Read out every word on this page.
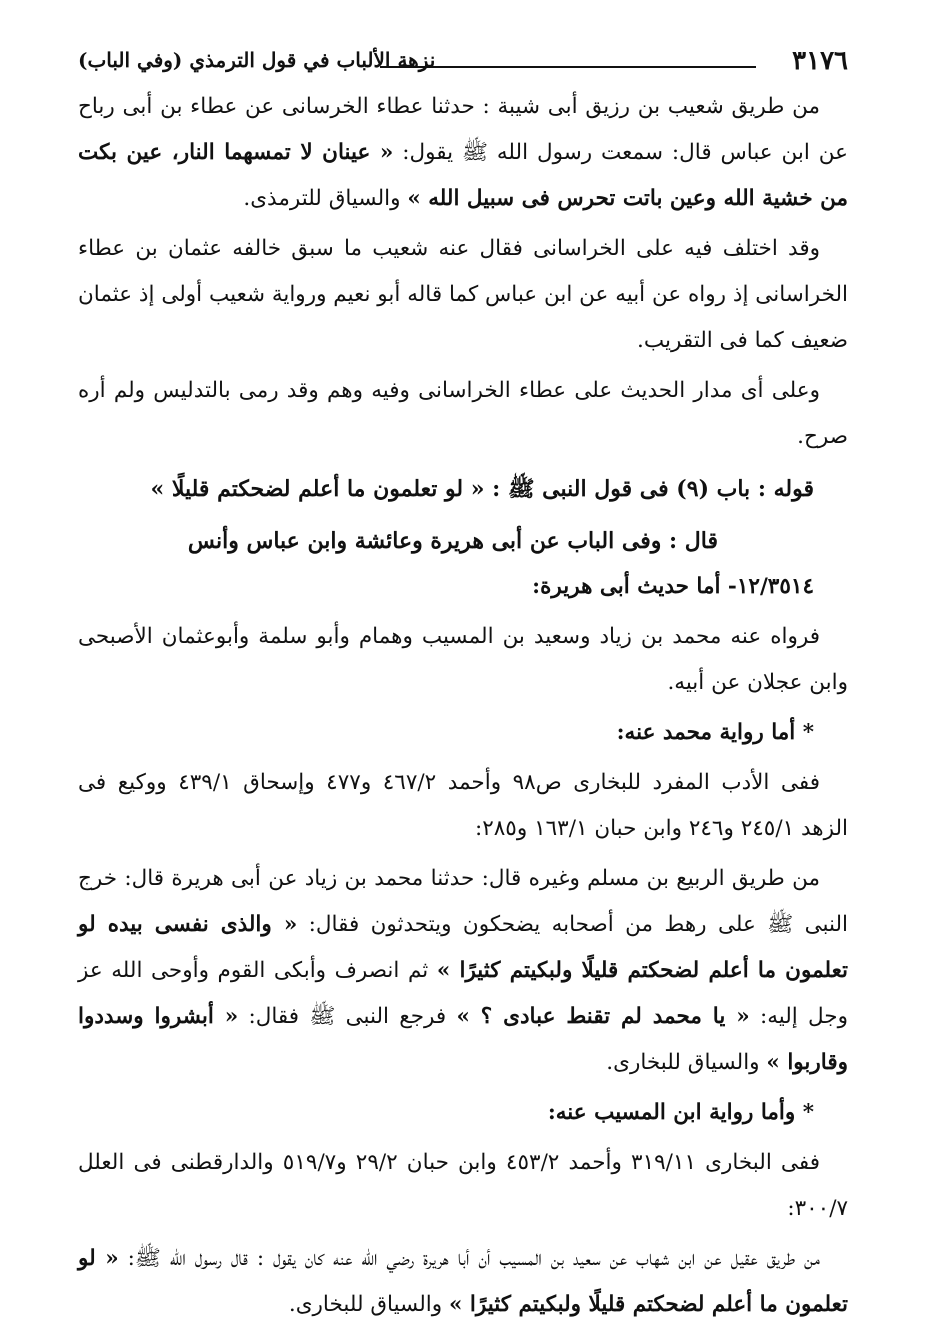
٣١٧٦
نزهة الألباب في قول الترمذي (وفي الباب)

من طريق شعيب بن رزيق أبى شيبة : حدثنا عطاء الخرسانى عن عطاء بن أبى رباح عن ابن عباس قال: سمعت رسول الله ﷺ يقول: « عينان لا تمسهما النار، عين بكت من خشية الله وعين باتت تحرس فى سبيل الله » والسياق للترمذى.

وقد اختلف فيه على الخراسانى فقال عنه شعيب ما سبق خالفه عثمان بن عطاء الخراسانى إذ رواه عن أبيه عن ابن عباس كما قاله أبو نعيم ورواية شعيب أولى إذ عثمان ضعيف كما فى التقريب.

وعلى أى مدار الحديث على عطاء الخراسانى وفيه وهم وقد رمى بالتدليس ولم أره صرح.

قوله : باب (٩) فى قول النبى ﷺ : « لو تعلمون ما أعلم لضحكتم قليلًا »

قال : وفى الباب عن أبى هريرة وعائشة وابن عباس وأنس

١٢/٣٥١٤- أما حديث أبى هريرة:

فرواه عنه محمد بن زياد وسعيد بن المسيب وهمام وأبو سلمة وأبوعثمان الأصبحى وابن عجلان عن أبيه.

* أما رواية محمد عنه:

ففى الأدب المفرد للبخارى ص٩٨ وأحمد ٤٦٧/٢ و٤٧٧ وإسحاق ٤٣٩/١ ووكيع فى الزهد ٢٤٥/١ و٢٤٦ وابن حبان ١٦٣/١ و٢٨٥:

من طريق الربيع بن مسلم وغيره قال: حدثنا محمد بن زياد عن أبى هريرة قال: خرج النبى ﷺ على رهط من أصحابه يضحكون ويتحدثون فقال: « والذى نفسى بيده لو تعلمون ما أعلم لضحكتم قليلًا ولبكيتم كثيرًا » ثم انصرف وأبكى القوم وأوحى الله عز وجل إليه: « يا محمد لم تقنط عبادى ؟ » فرجع النبى ﷺ فقال: « أبشروا وسددوا وقاربوا » والسياق للبخارى.

* وأما رواية ابن المسيب عنه:

ففى البخارى ٣١٩/١١ وأحمد ٤٥٣/٢ وابن حبان ٢٩/٢ و٥١٩/٧ والدارقطنى فى العلل ٣٠٠/٧:

من طريق عقيل عن ابن شهاب عن سعيد بن المسيب أن أبا هريرة رضي الله عنه كان يقول : قال رسول الله ﷺ: « لو تعلمون ما أعلم لضحكتم قليلًا ولبكيتم كثيرًا » والسياق للبخارى.
